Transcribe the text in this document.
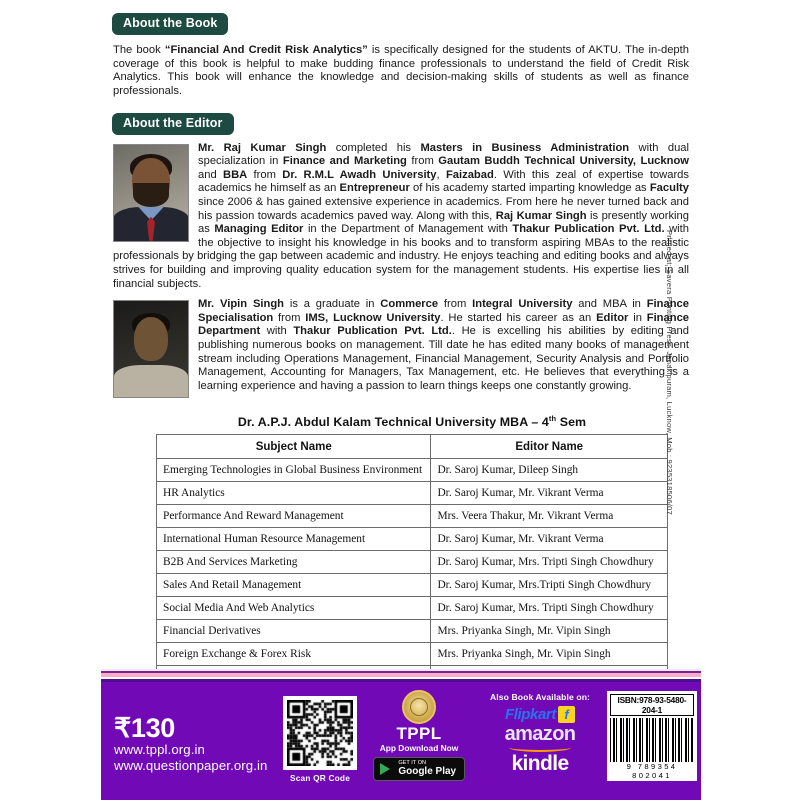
About the Book

The book “Financial And Credit Risk Analytics” is specifically designed for the students of AKTU. The in-depth coverage of this book is helpful to make budding finance professionals to understand the field of Credit Risk Analytics. This book will enhance the knowledge and decision-making skills of students as well as finance professionals.

About the Editor

Mr. Raj Kumar Singh completed his Masters in Business Administration with dual specialization in Finance and Marketing from Gautam Buddh Technical University, Lucknow and BBA from Dr. R.M.L Awadh University, Faizabad. With this zeal of expertise towards academics he himself as an Entrepreneur of his academy started imparting knowledge as Faculty since 2006 & has gained extensive experience in academics. From here he never turned back and his passion towards academics paved way. Along with this, Raj Kumar Singh is presently working as Managing Editor in the Department of Management with Thakur Publication Pvt. Ltd. with the objective to insight his knowledge in his books and to transform aspiring MBAs to the realistic professionals by bridging the gap between academic and industry. He enjoys teaching and editing books and always strives for building and improving quality education system for the management students. His expertise lies in all financial subjects.

Mr. Vipin Singh is a graduate in Commerce from Integral University and MBA in Finance Specialisation from IMS, Lucknow University. He started his career as an Editor in Finance Department with Thakur Publication Pvt. Ltd.. He is excelling his abilities by editing and publishing numerous books on management. Till date he has edited many books of management stream including Operations Management, Financial Management, Security Analysis and Portfolio Management, Accounting for Managers, Tax Management, etc. He believes that everything is a learning experience and having a passion to learn things keeps one constantly growing.

Dr. A.P.J. Abdul Kalam Technical University MBA – 4th Sem
Subject Name	Editor Name
Emerging Technologies in Global Business Environment	Dr. Saroj Kumar, Dileep Singh
HR Analytics	Dr. Saroj Kumar, Mr. Vikrant Verma
Performance And Reward Management	Mrs. Veera Thakur, Mr. Vikrant Verma
International Human Resource Management	Dr. Saroj Kumar, Mr. Vikrant Verma
B2B And Services Marketing	Dr. Saroj Kumar, Mrs. Tripti Singh Chowdhury
Sales And Retail Management	Dr. Saroj Kumar, Mrs.Tripti Singh Chowdhury
Social Media And Web Analytics	Dr. Saroj Kumar, Mrs. Tripti Singh Chowdhury
Financial Derivatives	Mrs. Priyanka Singh, Mr. Vipin Singh
Foreign Exchange & Forex Risk	Mrs. Priyanka Singh, Mr. Vipin Singh

₹130
www.tppl.org.in
www.questionpaper.org.in
Scan QR Code
TPPL
App Download Now

GET IT ON
Google Play
Also Book Available on:
Flipkart f
amazon
kindle
ISBN:978-93-5480-204-1
9 789354 802041
Printed at: Savera Printing Press, Janakipuram, Lucknow, Mob.: 9235318506/07
